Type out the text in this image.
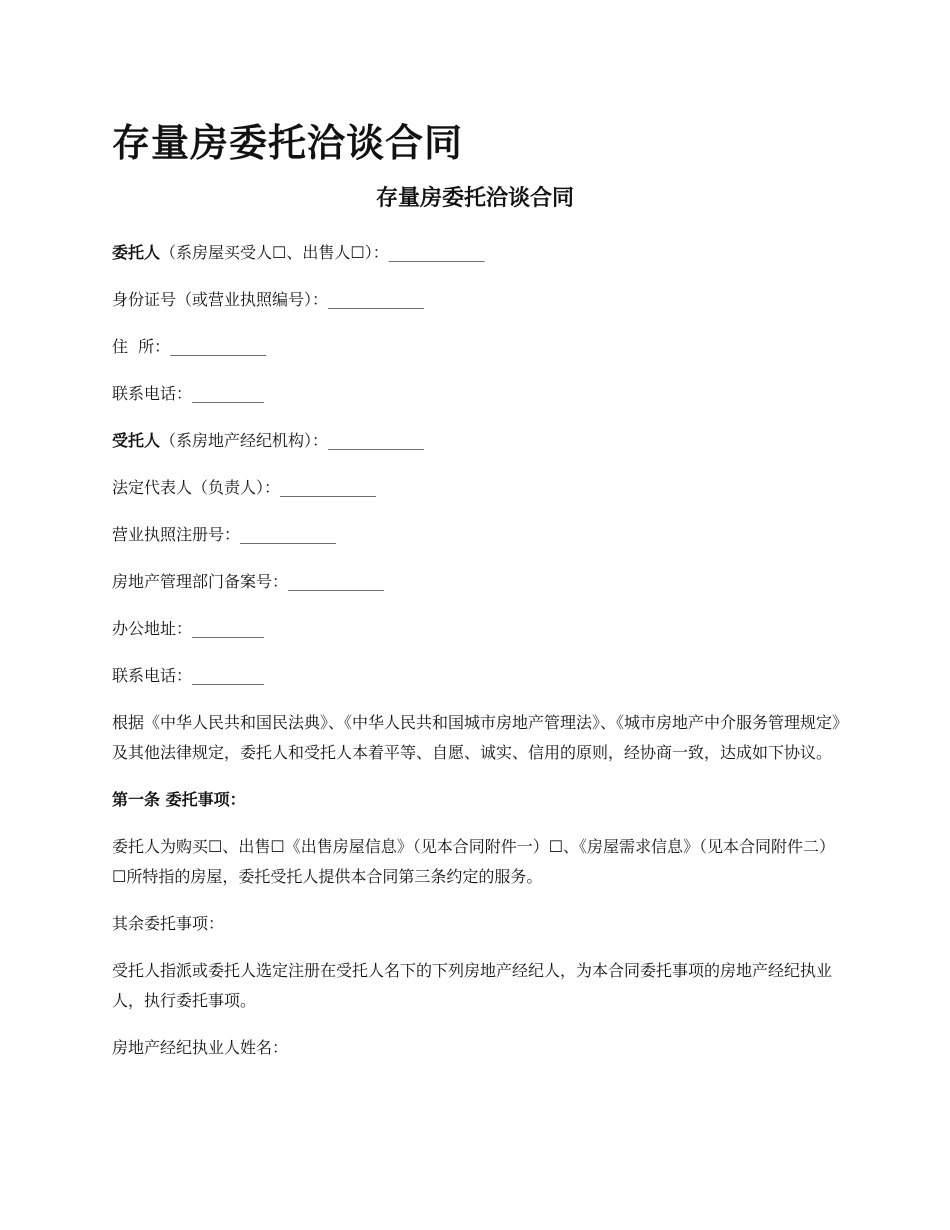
存量房委托洽谈合同
存量房委托洽谈合同

委托人（系房屋买受人☐、出售人☐）：____________

身份证号（或营业执照编号）：____________

住  所：____________

联系电话：_________

受托人（系房地产经纪机构）：____________

法定代表人（负责人）：____________

营业执照注册号：____________

房地产管理部门备案号：____________

办公地址：_________

联系电话：_________

根据《中华人民共和国民法典》、《中华人民共和国城市房地产管理法》、《城市房地产中介服务管理规定》及其他法律规定，委托人和受托人本着平等、自愿、诚实、信用的原则，经协商一致，达成如下协议。

第一条 委托事项：

委托人为购买☐、出售☐《出售房屋信息》（见本合同附件一）☐、《房屋需求信息》（见本合同附件二）☐所特指的房屋，委托受托人提供本合同第三条约定的服务。

其余委托事项：

受托人指派或委托人选定注册在受托人名下的下列房地产经纪人，为本合同委托事项的房地产经纪执业人，执行委托事项。

房地产经纪执业人姓名：
